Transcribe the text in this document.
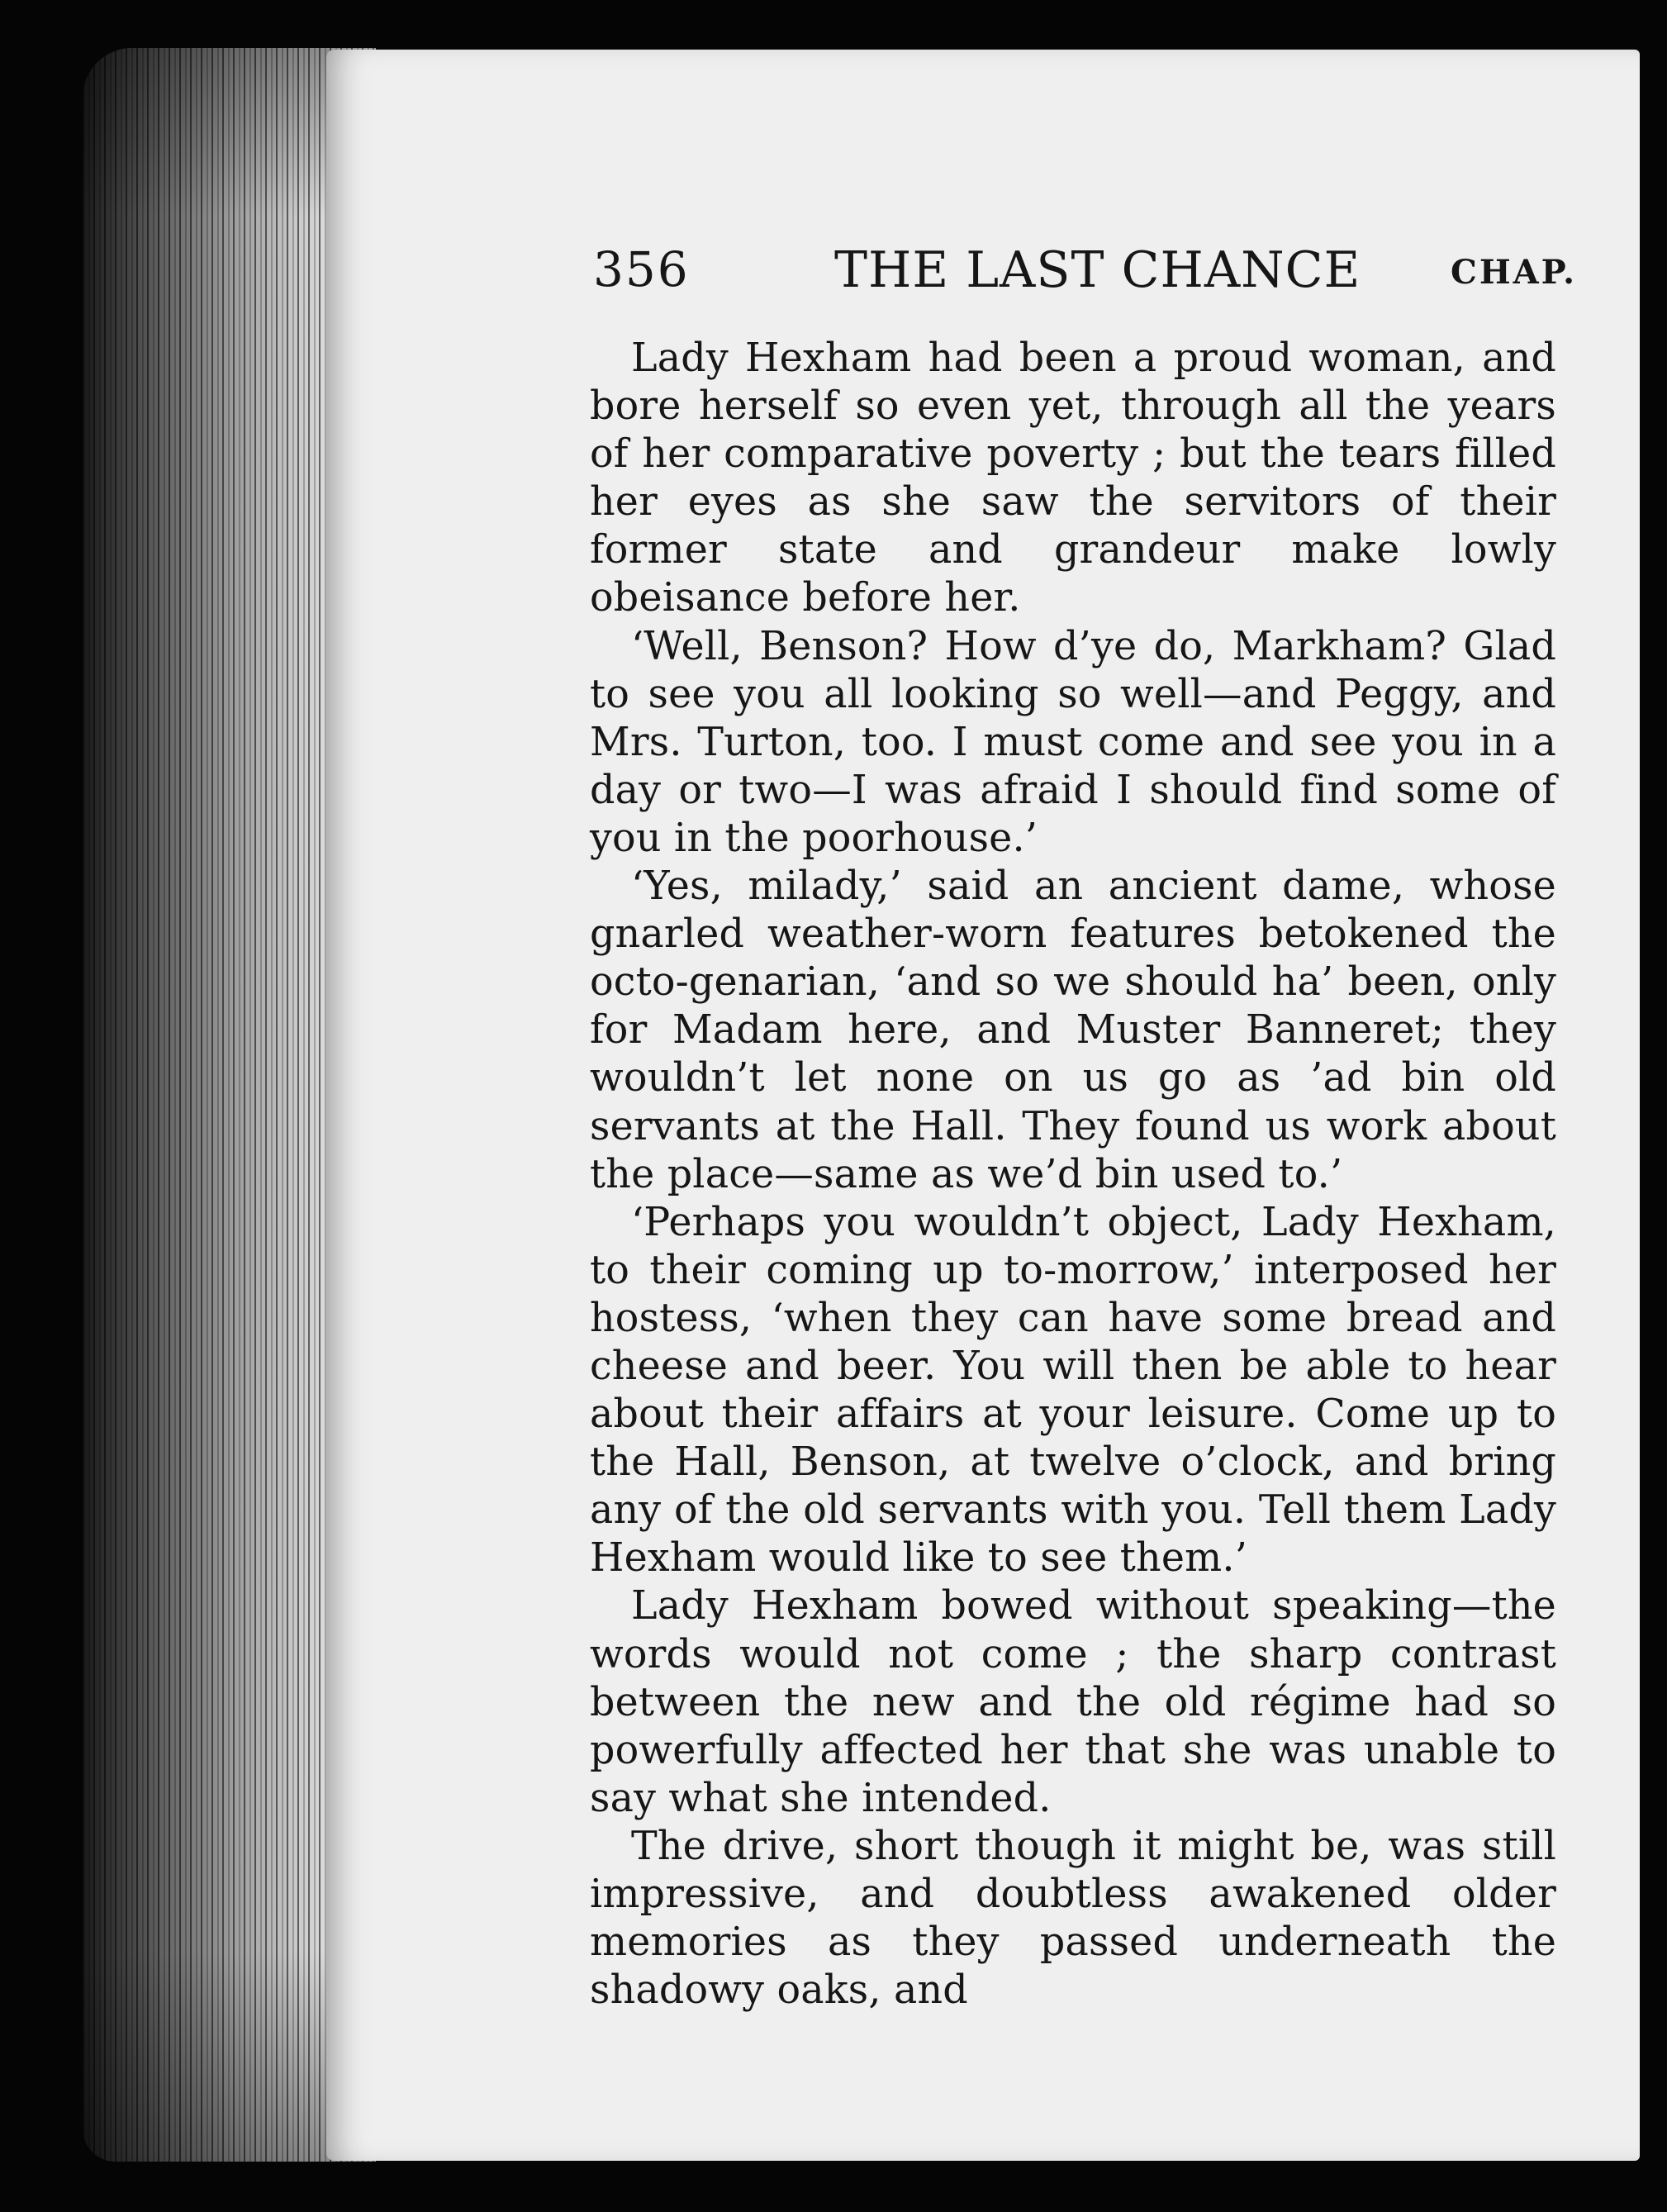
356	THE LAST CHANCE	CHAP.

Lady Hexham had been a proud woman, and bore herself so even yet, through all the years of her comparative poverty ; but the tears filled her eyes as she saw the servitors of their former state and grandeur make lowly obeisance before her.

‘Well, Benson? How d’ye do, Markham? Glad to see you all looking so well—and Peggy, and Mrs. Turton, too. I must come and see you in a day or two—I was afraid I should find some of you in the poorhouse.’

‘Yes, milady,’ said an ancient dame, whose gnarled weather-worn features betokened the octo-genarian, ‘and so we should ha’ been, only for Madam here, and Muster Banneret; they wouldn’t let none on us go as ’ad bin old servants at the Hall. They found us work about the place—same as we’d bin used to.’

‘Perhaps you wouldn’t object, Lady Hexham, to their coming up to-morrow,’ interposed her hostess, ‘when they can have some bread and cheese and beer. You will then be able to hear about their affairs at your leisure. Come up to the Hall, Benson, at twelve o’clock, and bring any of the old servants with you. Tell them Lady Hexham would like to see them.’

Lady Hexham bowed without speaking—the words would not come ; the sharp contrast between the new and the old régime had so powerfully affected her that she was unable to say what she intended.

The drive, short though it might be, was still impressive, and doubtless awakened older memories as they passed underneath the shadowy oaks, and
